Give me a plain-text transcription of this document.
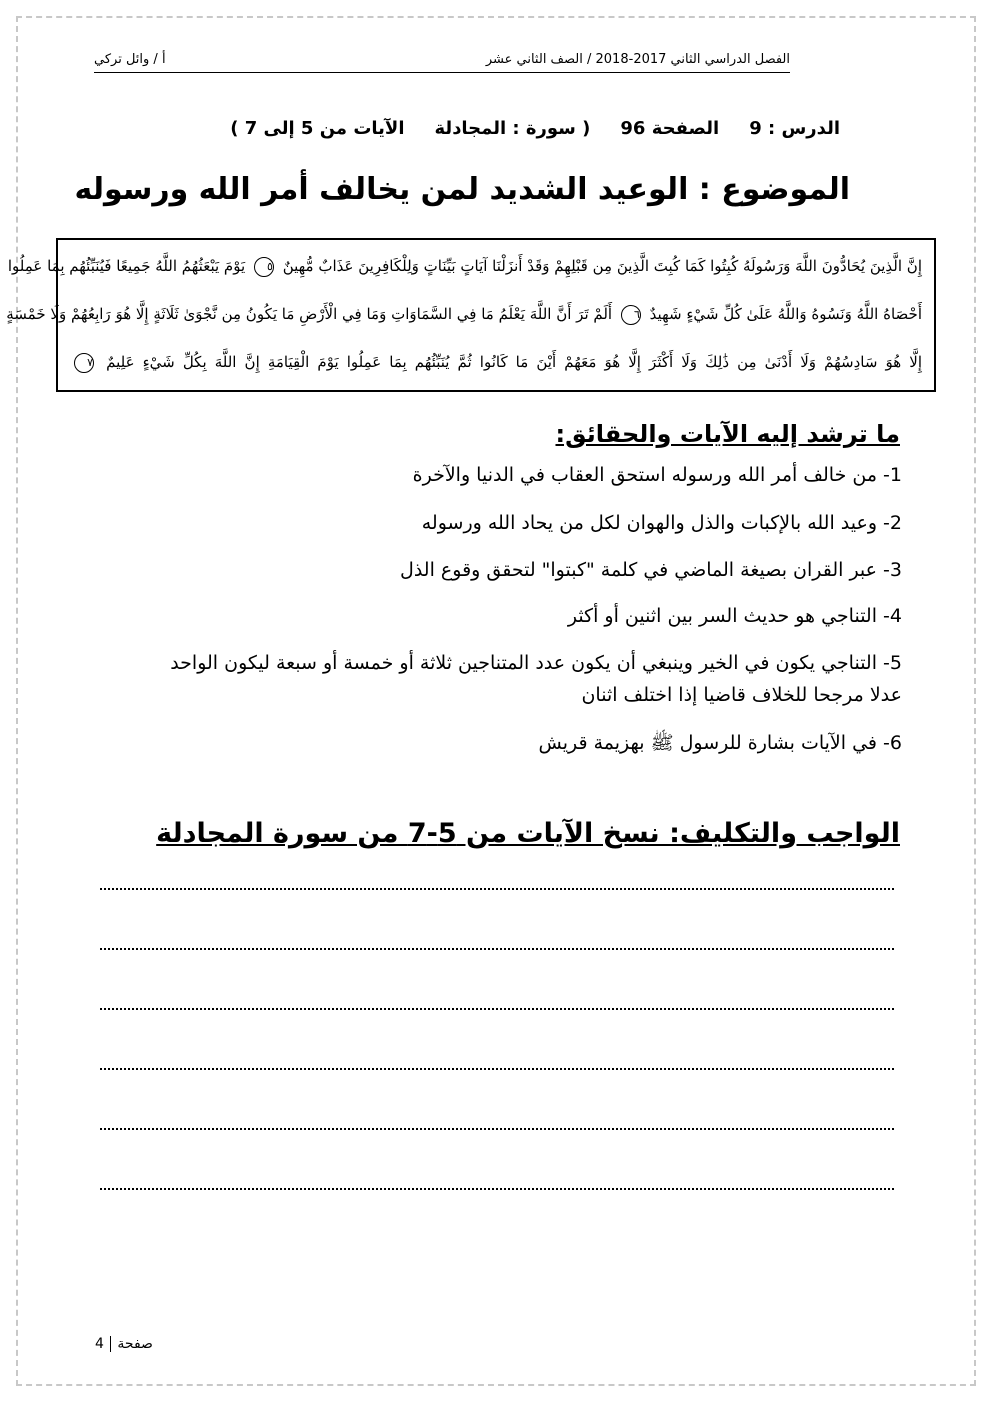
الفصل الدراسي الثاني 2017-2018 / الصف الثاني عشر
أ / وائل تركي
الدرس : 9
الصفحة 96
( سورة : المجادلة
الآيات من 5 إلى 7 )
الموضوع : الوعيد الشديد لمن يخالف أمر الله ورسوله
إِنَّ الَّذِينَ يُحَادُّونَ اللَّهَ وَرَسُولَهُ كُبِتُوا كَمَا كُبِتَ الَّذِينَ مِن قَبْلِهِمْ وَقَدْ أَنزَلْنَا آيَاتٍ بَيِّنَاتٍ وَلِلْكَافِرِينَ عَذَابٌ مُّهِينٌ ٥ يَوْمَ يَبْعَثُهُمُ اللَّهُ جَمِيعًا فَيُنَبِّئُهُم بِمَا عَمِلُوا
أَحْصَاهُ اللَّهُ وَنَسُوهُ وَاللَّهُ عَلَىٰ كُلِّ شَيْءٍ شَهِيدٌ ٦ أَلَمْ تَرَ أَنَّ اللَّهَ يَعْلَمُ مَا فِي السَّمَاوَاتِ وَمَا فِي الْأَرْضِ مَا يَكُونُ مِن نَّجْوَىٰ ثَلَاثَةٍ إِلَّا هُوَ رَابِعُهُمْ وَلَا خَمْسَةٍ
إِلَّا هُوَ سَادِسُهُمْ وَلَا أَدْنَىٰ مِن ذَٰلِكَ وَلَا أَكْثَرَ إِلَّا هُوَ مَعَهُمْ أَيْنَ مَا كَانُوا ثُمَّ يُنَبِّئُهُم بِمَا عَمِلُوا يَوْمَ الْقِيَامَةِ إِنَّ اللَّهَ بِكُلِّ شَيْءٍ عَلِيمٌ ٧
ما ترشد إليه الآيات والحقائق:
1- من خالف أمر الله ورسوله استحق العقاب في الدنيا والآخرة
2- وعيد الله بالإكبات والذل والهوان لكل من يحاد الله ورسوله
3- عبر القران بصيغة الماضي في كلمة "كبتوا" لتحقق وقوع الذل
4- التناجي هو حديث السر بين اثنين أو أكثر
5- التناجي يكون في الخير وينبغي أن يكون عدد المتناجين ثلاثة أو خمسة أو سبعة ليكون الواحد
عدلا مرجحا للخلاف قاضيا إذا اختلف اثنان
6- في الآيات بشارة للرسول ﷺ بهزيمة قريش
الواجب والتكليف: نسخ الآيات من 5-7 من سورة المجادلة
صفحة4
